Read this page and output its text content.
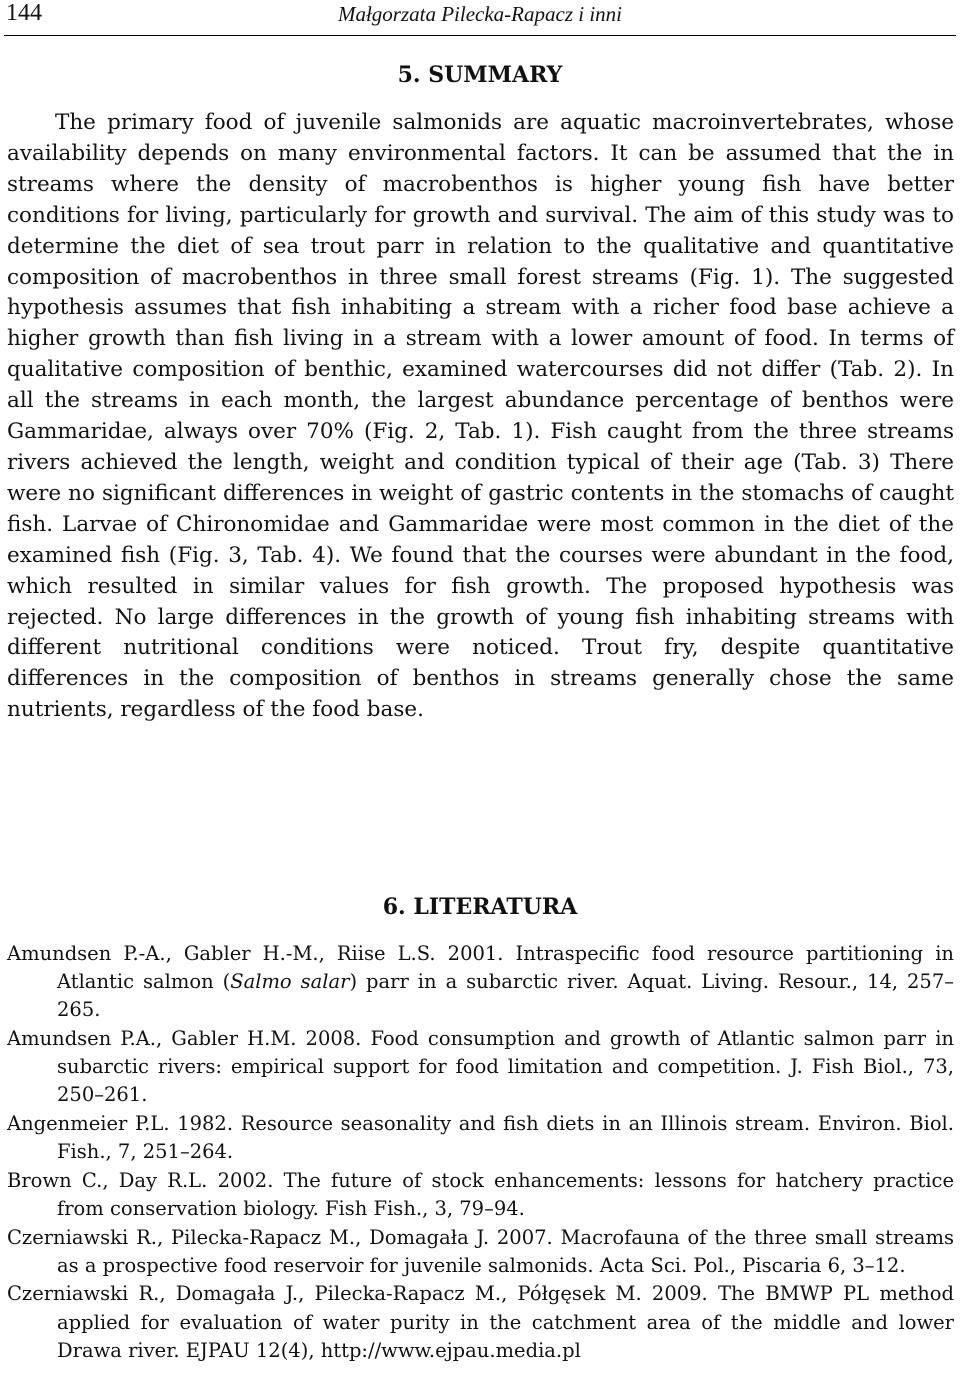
144	Małgorzata Pilecka-Rapacz i inni
5. SUMMARY

The primary food of juvenile salmonids are aquatic macroinvertebrates, whose availability depends on many environmental factors. It can be assumed that the in streams where the density of macrobenthos is higher young fish have better conditions for living, particularly for growth and survival. The aim of this study was to determine the diet of sea trout parr in relation to the qualitative and quantitative composition of macrobenthos in three small forest streams (Fig. 1). The suggested hypothesis assumes that fish inhabiting a stream with a richer food base achieve a higher growth than fish living in a stream with a lower amount of food. In terms of qualitative composition of benthic, examined watercourses did not differ (Tab. 2). In all the streams in each month, the largest abundance percentage of benthos were Gammaridae, always over 70% (Fig. 2, Tab. 1). Fish caught from the three streams rivers achieved the length, weight and condition typical of their age (Tab. 3) There were no significant differences in weight of gastric contents in the stomachs of caught fish. Larvae of Chironomidae and Gammaridae were most common in the diet of the examined fish (Fig. 3, Tab. 4). We found that the courses were abundant in the food, which resulted in similar values for fish growth. The proposed hypothesis was rejected. No large differences in the growth of young fish inhabiting streams with different nutritional conditions were noticed. Trout fry, despite quantitative differences in the composition of benthos in streams generally chose the same nutrients, regardless of the food base.

6. LITERATURA
Amundsen P.-A., Gabler H.-M., Riise L.S. 2001. Intraspecific food resource partitioning in Atlantic salmon (Salmo salar) parr in a subarctic river. Aquat. Living. Resour., 14, 257–265.
Amundsen P.A., Gabler H.M. 2008. Food consumption and growth of Atlantic salmon parr in subarctic rivers: empirical support for food limitation and competition. J. Fish Biol., 73, 250–261.
Angenmeier P.L. 1982. Resource seasonality and fish diets in an Illinois stream. Environ. Biol. Fish., 7, 251–264.
Brown C., Day R.L. 2002. The future of stock enhancements: lessons for hatchery practice from conservation biology. Fish Fish., 3, 79–94.
Czerniawski R., Pilecka-Rapacz M., Domagała J. 2007. Macrofauna of the three small streams as a prospective food reservoir for juvenile salmonids. Acta Sci. Pol., Piscaria 6, 3–12.
Czerniawski R., Domagała J., Pilecka-Rapacz M., Półgęsek M. 2009. The BMWP PL method applied for evaluation of water purity in the catchment area of the middle and lower Drawa river. EJPAU 12(4), http://www.ejpau.media.pl
